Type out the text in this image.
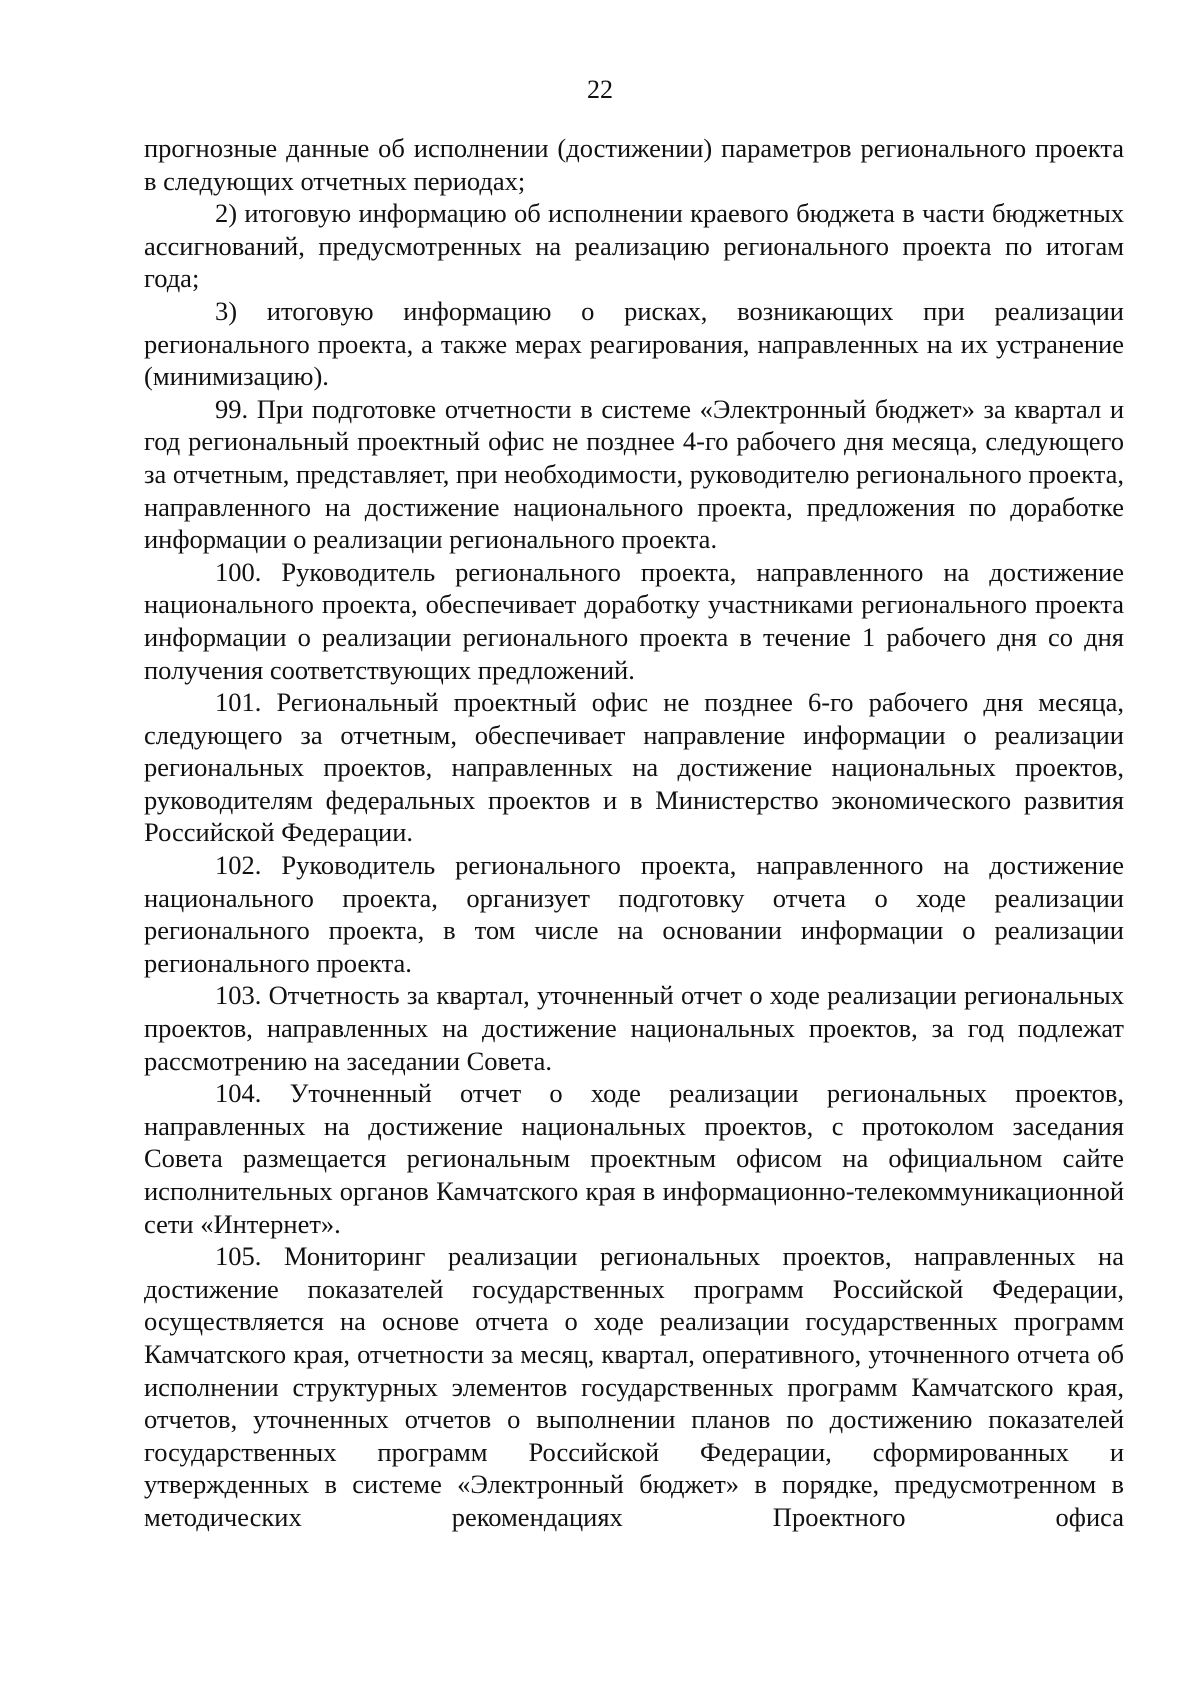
22

прогнозные данные об исполнении (достижении) параметров регионального проекта в следующих отчетных периодах;

2) итоговую информацию об исполнении краевого бюджета в части бюджетных ассигнований, предусмотренных на реализацию регионального проекта по итогам года;

3) итоговую информацию о рисках, возникающих при реализации регионального проекта, а также мерах реагирования, направленных на их устранение (минимизацию).

99. При подготовке отчетности в системе «Электронный бюджет» за квартал и год региональный проектный офис не позднее 4-го рабочего дня месяца, следующего за отчетным, представляет, при необходимости, руководителю регионального проекта, направленного на достижение национального проекта, предложения по доработке информации о реализации регионального проекта.

100. Руководитель регионального проекта, направленного на достижение национального проекта, обеспечивает доработку участниками регионального проекта информации о реализации регионального проекта в течение 1 рабочего дня со дня получения соответствующих предложений.

101. Региональный проектный офис не позднее 6-го рабочего дня месяца, следующего за отчетным, обеспечивает направление информации о реализации региональных проектов, направленных на достижение национальных проектов, руководителям федеральных проектов и в Министерство экономического развития Российской Федерации.

102. Руководитель регионального проекта, направленного на достижение национального проекта, организует подготовку отчета о ходе реализации регионального проекта, в том числе на основании информации о реализации регионального проекта.

103. Отчетность за квартал, уточненный отчет о ходе реализации региональных проектов, направленных на достижение национальных проектов, за год подлежат рассмотрению на заседании Совета.

104. Уточненный отчет о ходе реализации региональных проектов, направленных на достижение национальных проектов, с протоколом заседания Совета размещается региональным проектным офисом на официальном сайте исполнительных органов Камчатского края в информационно-телекоммуникационной сети «Интернет».

105. Мониторинг реализации региональных проектов, направленных на достижение показателей государственных программ Российской Федерации, осуществляется на основе отчета о ходе реализации государственных программ Камчатского края, отчетности за месяц, квартал, оперативного, уточненного отчета об исполнении структурных элементов государственных программ Камчатского края, отчетов, уточненных отчетов о выполнении планов по достижению показателей государственных программ Российской Федерации, сформированных и утвержденных в системе «Электронный бюджет» в порядке, предусмотренном в методических рекомендациях Проектного офиса
